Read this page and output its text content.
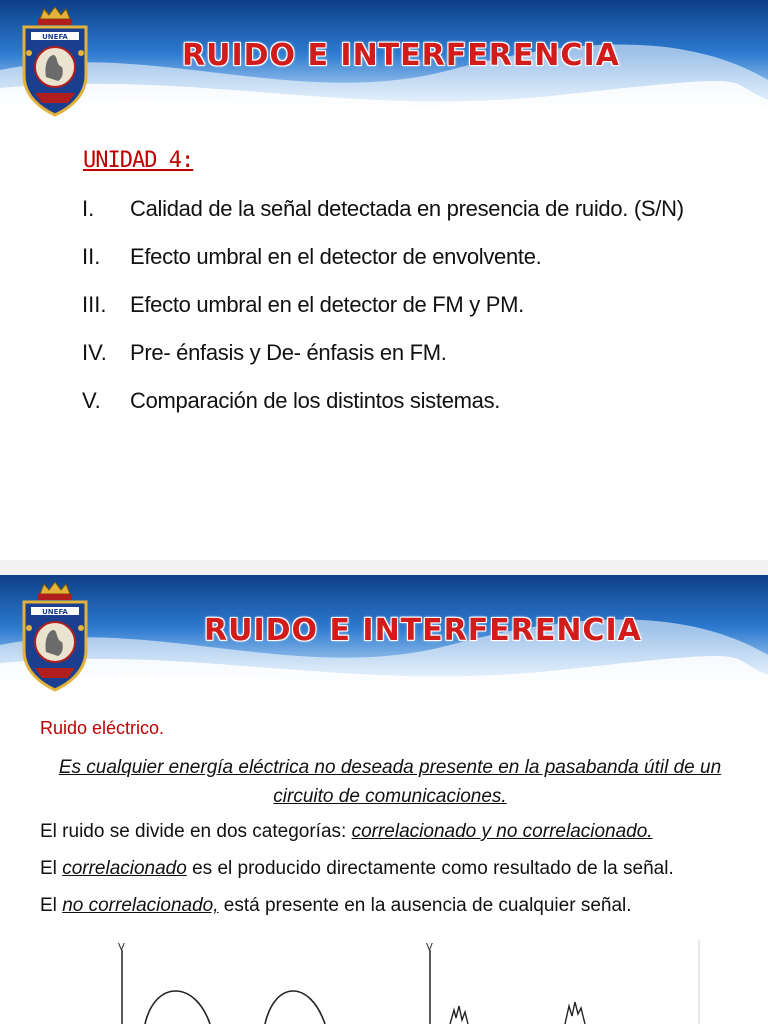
UNEFA
RUIDO E INTERFERENCIA
UNIDAD 4:
I.	Calidad de la señal detectada en presencia de ruido. (S/N)
II.	Efecto umbral en el detector de envolvente.
III.	Efecto umbral en el detector de FM y PM.
IV.	Pre- énfasis y De- énfasis en FM.
V.	Comparación de los distintos sistemas.
UNEFA
RUIDO E INTERFERENCIA
Ruido eléctrico.
Es cualquier energía eléctrica no deseada presente en la pasabanda útil de un circuito de comunicaciones.
El ruido se divide en dos categorías: correlacionado y no correlacionado.
El correlacionado es el producido directamente como resultado de la señal.
El no correlacionado, está presente en la ausencia de cualquier señal.
V	V
